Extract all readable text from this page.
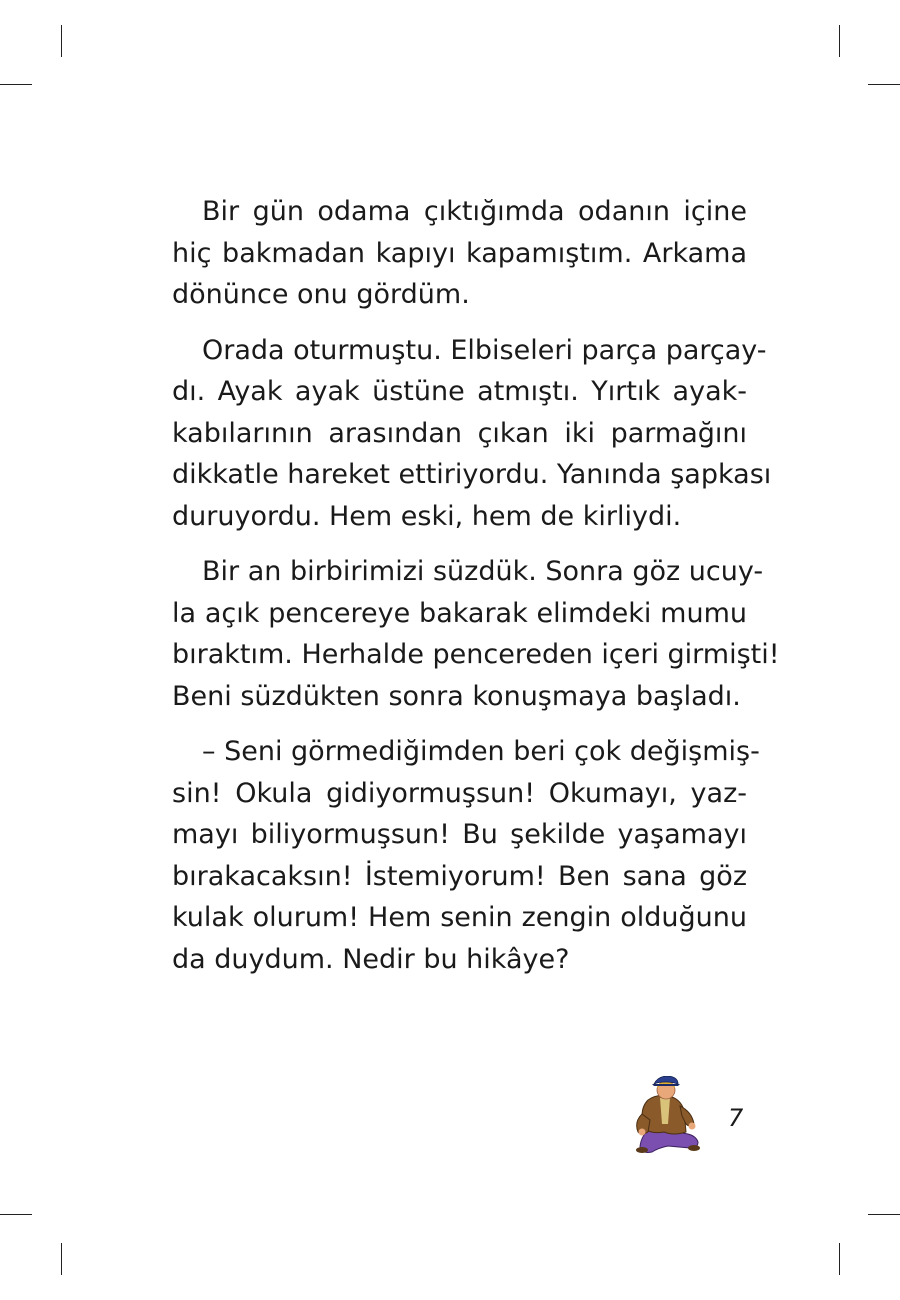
Bir gün odama çıktığımda odanın içine
hiç bakmadan kapıyı kapamıştım. Arkama
dönünce onu gördüm.

Orada oturmuştu. Elbiseleri parça parçay-
dı. Ayak ayak üstüne atmıştı. Yırtık ayak-
kabılarının arasından çıkan iki parmağını
dikkatle hareket ettiriyordu. Yanında şapkası
duruyordu. Hem eski, hem de kirliydi.

Bir an birbirimizi süzdük. Sonra göz ucuy-
la açık pencereye bakarak elimdeki mumu
bıraktım. Herhalde pencereden içeri girmişti!
Beni süzdükten sonra konuşmaya başladı.

– Seni görmediğimden beri çok değişmiş-
sin! Okula gidiyormuşsun! Okumayı, yaz-
mayı biliyormuşsun! Bu şekilde yaşamayı
bırakacaksın! İstemiyorum! Ben sana göz
kulak olurum! Hem senin zengin olduğunu
da duydum. Nedir bu hikâye?

7
